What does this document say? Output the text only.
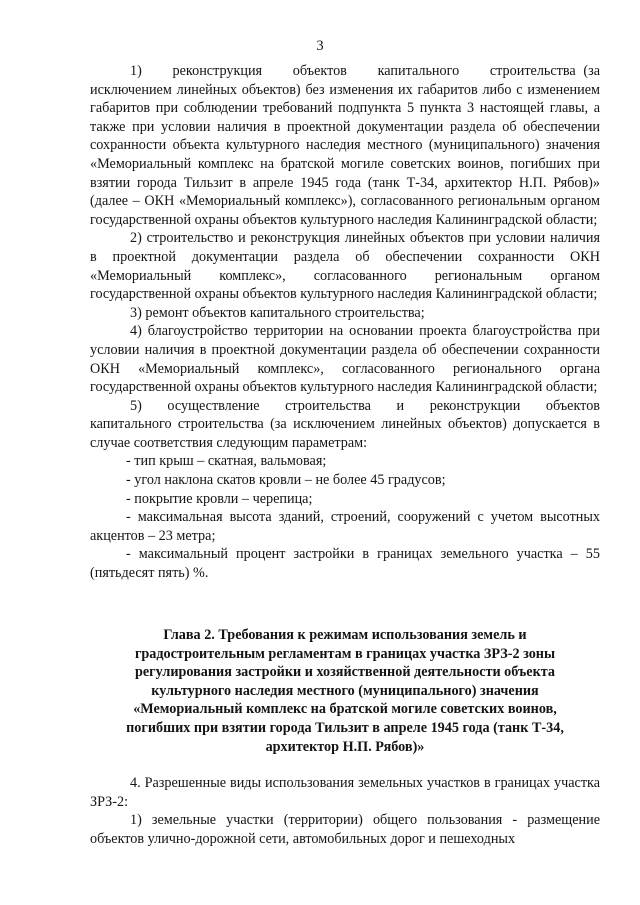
3

1)    реконструкция    объектов    капитального    строительства (за исключением линейных объектов) без изменения их габаритов либо с изменением габаритов при соблюдении требований подпункта 5 пункта 3 настоящей главы, а также при условии наличия в проектной документации раздела об обеспечении сохранности объекта культурного наследия местного (муниципального) значения «Мемориальный комплекс на братской могиле советских воинов, погибших при взятии города Тильзит в апреле 1945 года (танк Т-34, архитектор Н.П. Рябов)» (далее – ОКН «Мемориальный комплекс»), согласованного региональным органом государственной охраны объектов культурного наследия Калининградской области;

2) строительство и реконструкция линейных объектов при условии наличия в проектной документации раздела об обеспечении сохранности ОКН «Мемориальный комплекс», согласованного региональным органом государственной охраны объектов культурного наследия Калининградской области;

3) ремонт объектов капитального строительства;

4) благоустройство территории на основании проекта благоустройства при условии наличия в проектной документации раздела об обеспечении сохранности ОКН «Мемориальный комплекс», согласованного регионального органа государственной охраны объектов культурного наследия Калининградской области;

5)    осуществление    строительства    и    реконструкции    объектов капитального строительства (за исключением линейных объектов) допускается в случае соответствия следующим параметрам:

- тип крыш – скатная, вальмовая;

- угол наклона скатов кровли – не более 45 градусов;

- покрытие кровли – черепица;

- максимальная высота зданий, строений, сооружений с учетом высотных акцентов – 23 метра;

- максимальный процент застройки в границах земельного участка – 55 (пятьдесят пять) %.

Глава 2. Требования к режимам использования земель и
градостроительным регламентам в границах участка ЗРЗ-2 зоны
регулирования застройки и хозяйственной деятельности объекта
культурного наследия местного (муниципального) значения
«Мемориальный комплекс на братской могиле советских воинов,
погибших при взятии города Тильзит в апреле 1945 года (танк Т-34,
архитектор Н.П. Рябов)»

4. Разрешенные виды использования земельных участков в границах участка ЗРЗ-2:

1) земельные участки (территории) общего пользования - размещение объектов улично-дорожной сети, автомобильных дорог и пешеходных
